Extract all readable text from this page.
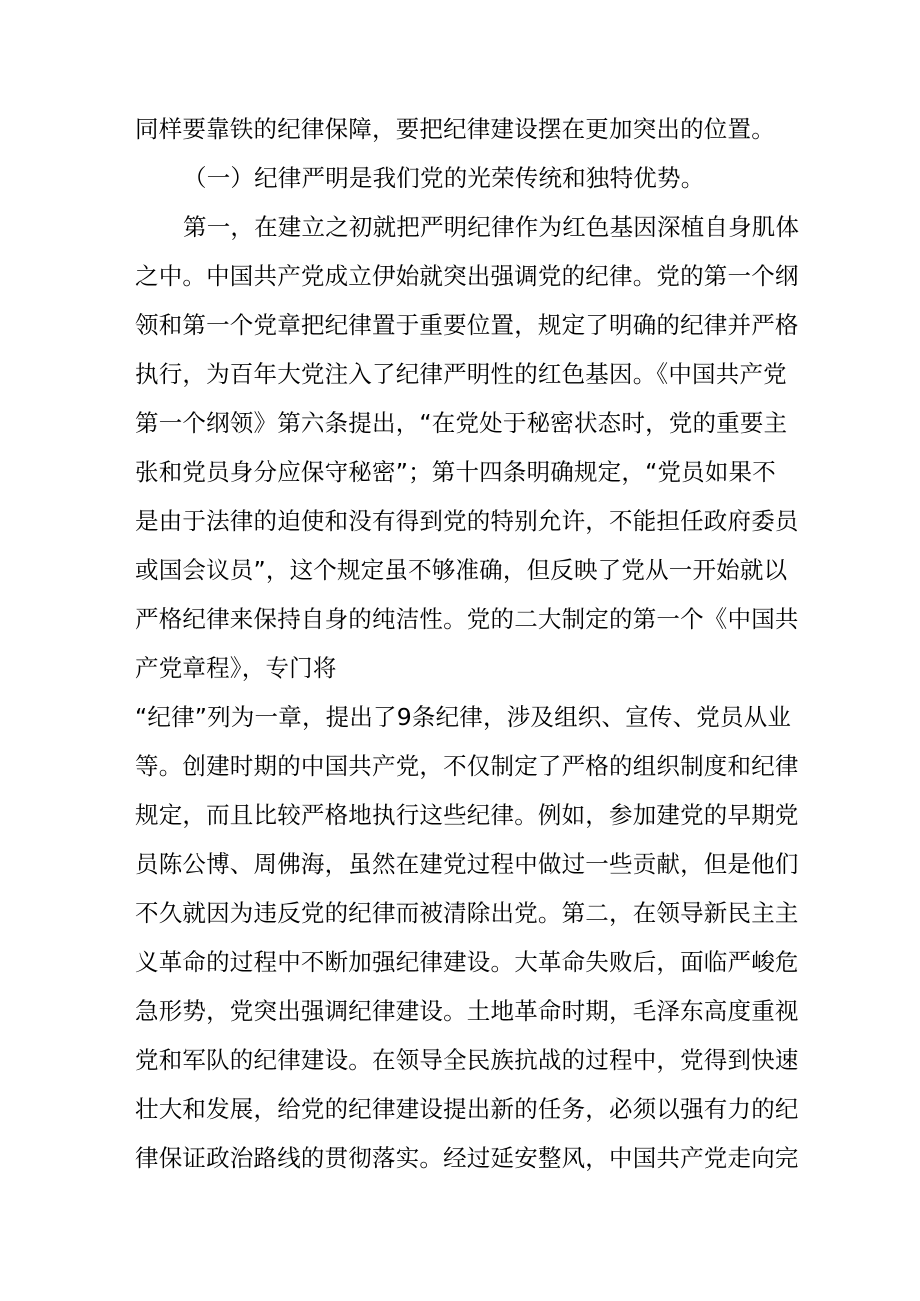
同样要靠铁的纪律保障，要把纪律建设摆在更加突出的位置。
（一）纪律严明是我们党的光荣传统和独特优势。
第一，在建立之初就把严明纪律作为红色基因深植自身肌体
之中。中国共产党成立伊始就突出强调党的纪律。党的第一个纲
领和第一个党章把纪律置于重要位置，规定了明确的纪律并严格
执行，为百年大党注入了纪律严明性的红色基因。《中国共产党
第一个纲领》第六条提出，“在党处于秘密状态时，党的重要主
张和党员身分应保守秘密”；第十四条明确规定，“党员如果不
是由于法律的迫使和没有得到党的特别允许，不能担任政府委员
或国会议员”，这个规定虽不够准确，但反映了党从一开始就以
严格纪律来保持自身的纯洁性。党的二大制定的第一个《中国共
产党章程》，专门将
“纪律”列为一章，提出了9条纪律，涉及组织、宣传、党员从业
等。创建时期的中国共产党，不仅制定了严格的组织制度和纪律
规定，而且比较严格地执行这些纪律。例如，参加建党的早期党
员陈公博、周佛海，虽然在建党过程中做过一些贡献，但是他们
不久就因为违反党的纪律而被清除出党。第二，在领导新民主主
义革命的过程中不断加强纪律建设。大革命失败后，面临严峻危
急形势，党突出强调纪律建设。土地革命时期，毛泽东高度重视
党和军队的纪律建设。在领导全民族抗战的过程中，党得到快速
壮大和发展，给党的纪律建设提出新的任务，必须以强有力的纪
律保证政治路线的贯彻落实。经过延安整风，中国共产党走向完
